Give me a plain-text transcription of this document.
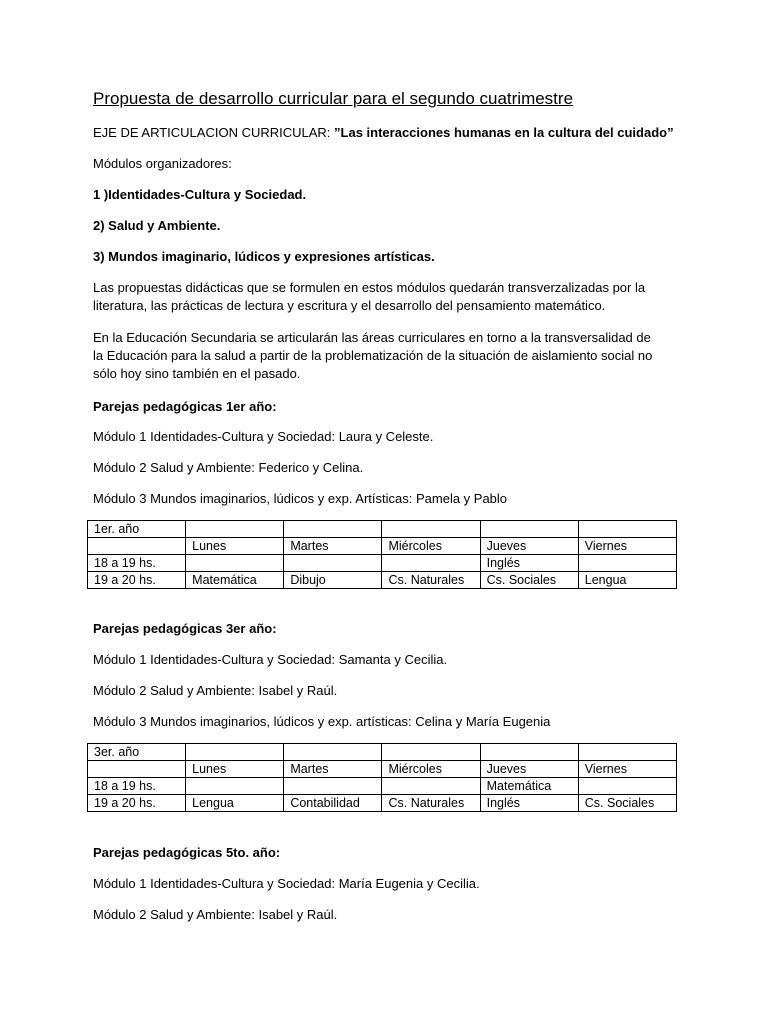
Propuesta de desarrollo curricular para el segundo cuatrimestre
EJE DE ARTICULACION CURRICULAR: ”Las interacciones humanas en la cultura del cuidado”
Módulos organizadores:
1 )Identidades-Cultura y Sociedad.
2) Salud y Ambiente.
3) Mundos imaginario, lúdicos y expresiones artísticas.
Las propuestas didácticas que se formulen en estos módulos quedarán transverzalizadas por la literatura, las prácticas de lectura y escritura y el desarrollo del pensamiento matemático.
En la Educación Secundaria se articularán las áreas curriculares en torno a la transversalidad de la Educación para la salud a partir de la problematización de la situación de aislamiento social no sólo hoy sino también en el pasado.
Parejas pedagógicas 1er año:
Módulo 1 Identidades-Cultura y Sociedad: Laura y Celeste.
Módulo 2 Salud y Ambiente: Federico y Celina.
Módulo 3 Mundos imaginarios, lúdicos y exp. Artísticas: Pamela y Pablo
1er. año					
	Lunes	Martes	Miércoles	Jueves	Viernes
18 a 19 hs.				Inglés	
19 a 20 hs.	Matemática	Dibujo	Cs. Naturales	Cs. Sociales	Lengua
Parejas pedagógicas 3er año:
Módulo 1 Identidades-Cultura y Sociedad: Samanta y Cecilia.
Módulo 2 Salud y Ambiente: Isabel y Raúl.
Módulo 3 Mundos imaginarios, lúdicos y exp. artísticas: Celina y María Eugenia
3er. año					
	Lunes	Martes	Miércoles	Jueves	Viernes
18 a 19 hs.				Matemática	
19 a 20 hs.	Lengua	Contabilidad	Cs. Naturales	Inglés	Cs. Sociales
Parejas pedagógicas 5to. año:
Módulo 1 Identidades-Cultura y Sociedad: María Eugenia y Cecilia.
Módulo 2 Salud y Ambiente: Isabel y Raúl.
